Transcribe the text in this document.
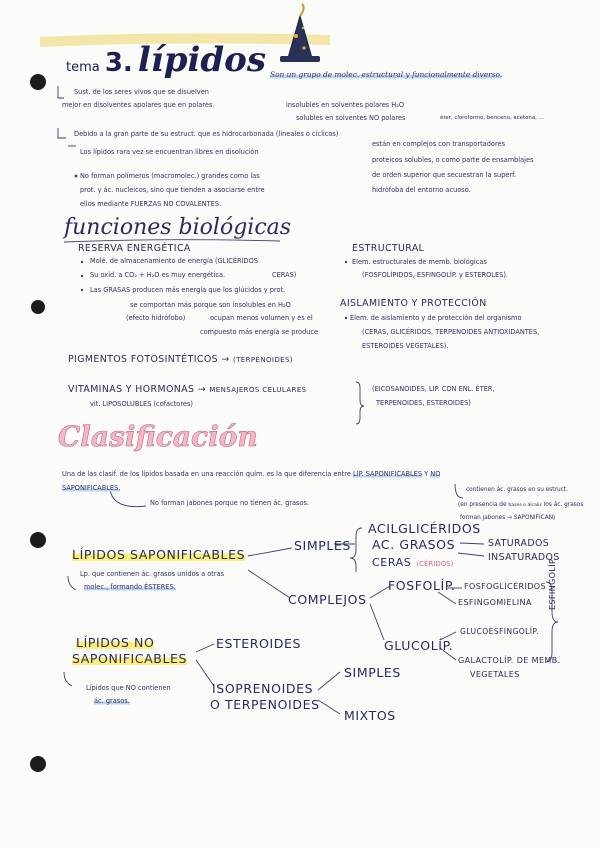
tema 3. lípidos Son un grupo de molec. estructural y funcionalmente diverso.
Sust. de los seres vivos que se disuelven
mejor en disolventes apolares que en polares.	insolubles en solventes polares H₂O
solubles en solventes NO polares	éter, cloroformo, benceno, acetona, ...
Debido a la gran parte de su estruct. que es hidrocarbonada (lineales o cíclicos)
Los lípidos rara vez se encuentran libres en disolución
están en complejos con transportadores
proteicos solubles, o como parte de ensamblajes
de orden superior que secuestran la superf.
hidrófoba del entorno acuoso.
No forman polímeros (macromolec.) grandes como las
prot. y ác. nucleicos, sino que tienden a asociarse entre
ellos mediante FUERZAS NO COVALENTES.
funciones biológicas
RESERVA ENERGÉTICA
Molé. de almacenamiento de energía (GLICÉRIDOS
CERAS)
Su oxid. a CO₂ + H₂O es muy energética.
Las GRASAS producen más energía que los glúcidos y prot.
se comportan más porque son insolubles en H₂O
(efecto hidrófobo)	ocupan menos volumen y es el
compuesto más energía se produce
ESTRUCTURAL
Elem. estructurales de memb. biológicas
(FOSFOLÍPIDOS, ESFINGOLÍP. y ESTEROLES).
AISLAMIENTO Y PROTECCIÓN
Elem. de aislamiento y de protección del organismo
(CERAS, GLICÉRIDOS, TERPENOIDES ANTIOXIDANTES,
ESTEROIDES VEGETALES).
PIGMENTOS FOTOSINTÉTICOS → (TERPENOIDES)
VITAMINAS Y HORMONAS → MENSAJEROS CELULARES
vit. LIPOSOLUBLES (cofactores)
(EICOSANOIDES, LIP. CON ENL. ÉTER,
TERPENOIDES, ESTEROIDES)
Clasificación
Una de las clasif. de los lípidos basada en una reacción quím. es la que diferencia entre LIP. SAPONIFICABLES Y NO
SAPONIFICABLES.
No forman jabones porque no tienen ác. grasos.
contienen ác. grasos en su estruct.
(en presencia de bases o álcalis los ác. grasos
forman jabones → SAPONIFICAN)
LÍPIDOS SAPONIFICABLES
Lp. que contienen ác. grasos unidos a otras
molec., formando ÉSTERES.
SIMPLES
ACILGLICÉRIDOS
AC. GRASOS
CERAS (CÉRIDOS)
SATURADOS
INSATURADOS
COMPLEJOS
FOSFOLÍP. FOSFOGLICÉRIDOS
ESFINGOMIELINA
GLUCOLÍP.
GLUCOESFINGOLÍP.
GALACTOLÍP. DE MEMB.
VEGETALES
ESFINGOLÍP.
LÍPIDOS NO
SAPONIFICABLES
Lípidos que NO contienen
ác. grasos.
ESTEROIDES
ISOPRENOIDES
O TERPENOIDES
SIMPLES
MIXTOS
